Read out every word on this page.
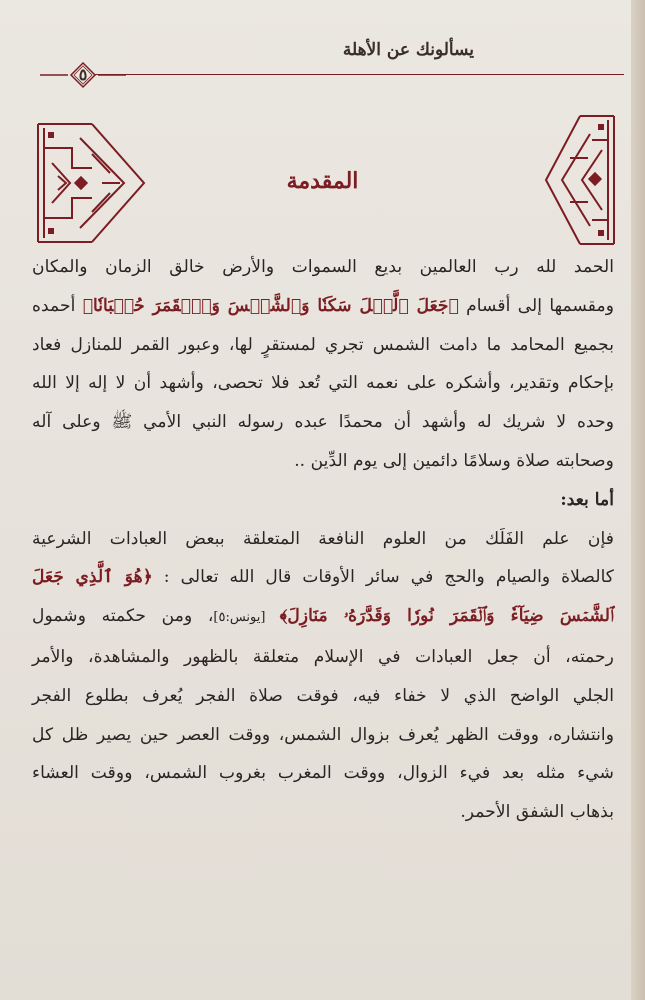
يسألونك عن الأهلة
٥
المقدمة
الحمد لله رب العالمين بديع السموات والأرض خالق الزمان والمكان
ومقسمها إلى أقسام ﴿جَعَلَ ٱلَّيۡلَ سَكَنٗا وَٱلشَّمۡسَ وَٱلۡقَمَرَ حُسۡبَانٗا﴾ أحمده
بجميع المحامد ما دامت الشمس تجري لمستقرٍ لها، وعبور القمر للمنازل فعاد
بإحكام وتقدير، وأشكره على نعمه التي تُعد فلا تحصى، وأشهد أن لا إله إلا الله
وحده لا شريك له وأشهد أن محمدًا عبده رسوله النبي الأمي ﷺ وعلى آله
وصحابته صلاة وسلامًا دائمين إلى يوم الدِّين ..
أما بعد:
فإن علم الفَلَك من العلوم النافعة المتعلقة ببعض العبادات الشرعية
كالصلاة والصيام والحج في سائر الأوقات قال الله تعالى : ﴿هُوَ ٱلَّذِي جَعَلَ
ٱلشَّمۡسَ ضِيَآءٗ وَٱلۡقَمَرَ نُورٗا وَقَدَّرَهُۥ مَنَازِلَ﴾ [يونس:٥]، ومن حكمته وشمول
رحمته، أن جعل العبادات في الإسلام متعلقة بالظهور والمشاهدة، والأمر
الجلي الواضح الذي لا خفاء فيه، فوقت صلاة الفجر يُعرف بطلوع الفجر
وانتشاره، ووقت الظهر يُعرف بزوال الشمس، ووقت العصر حين يصير ظل كل
شيء مثله بعد فيء الزوال، ووقت المغرب بغروب الشمس، ووقت العشاء
بذهاب الشفق الأحمر.
